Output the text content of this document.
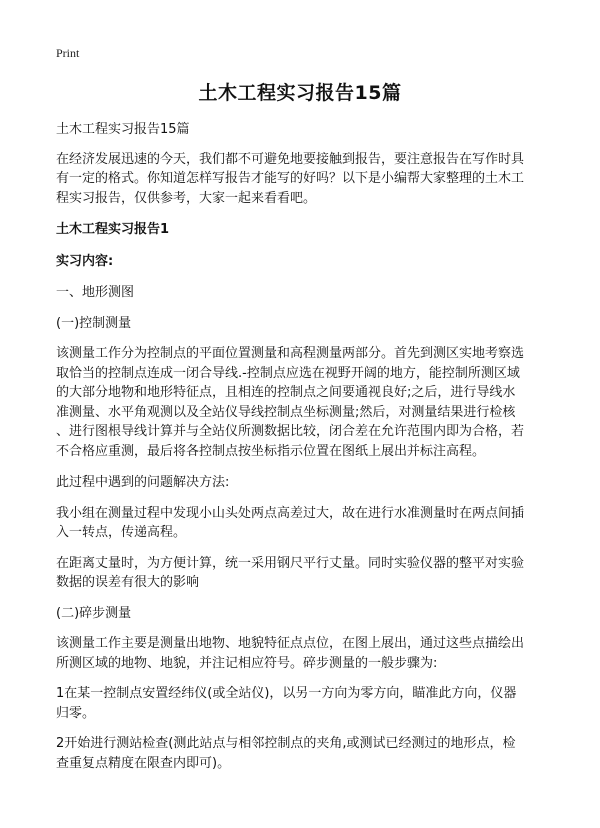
Print
土木工程实习报告15篇

土木工程实习报告15篇

在经济发展迅速的今天，我们都不可避免地要接触到报告，要注意报告在写作时具
有一定的格式。你知道怎样写报告才能写的好吗？以下是小编帮大家整理的土木工
程实习报告，仅供参考，大家一起来看看吧。

土木工程实习报告1
实习内容:

一、地形测图

(一)控制测量

该测量工作分为控制点的平面位置测量和高程测量两部分。首先到测区实地考察选
取恰当的控制点连成一闭合导线.-控制点应选在视野开阔的地方，能控制所测区域
的大部分地物和地形特征点，且相连的控制点之间要通视良好;之后，进行导线水
准测量、水平角观测以及全站仪导线控制点坐标测量;然后，对测量结果进行检核
、进行图根导线计算并与全站仪所测数据比较，闭合差在允许范围内即为合格，若
不合格应重测，最后将各控制点按坐标指示位置在图纸上展出并标注高程。

此过程中遇到的问题解决方法:

我小组在测量过程中发现小山头处两点高差过大，故在进行水准测量时在两点间插
入一转点，传递高程。

在距离丈量时，为方便计算，统一采用钢尺平行丈量。同时实验仪器的整平对实验
数据的误差有很大的影响

(二)碎步测量

该测量工作主要是测量出地物、地貌特征点点位，在图上展出，通过这些点描绘出
所测区域的地物、地貌，并注记相应符号。碎步测量的一般步骤为:

1在某一控制点安置经纬仪(或全站仪)，以另一方向为零方向，瞄准此方向，仪器
归零。

2开始进行测站检查(测此站点与相邻控制点的夹角,或测试已经测过的地形点，检
查重复点精度在限查内即可)。
